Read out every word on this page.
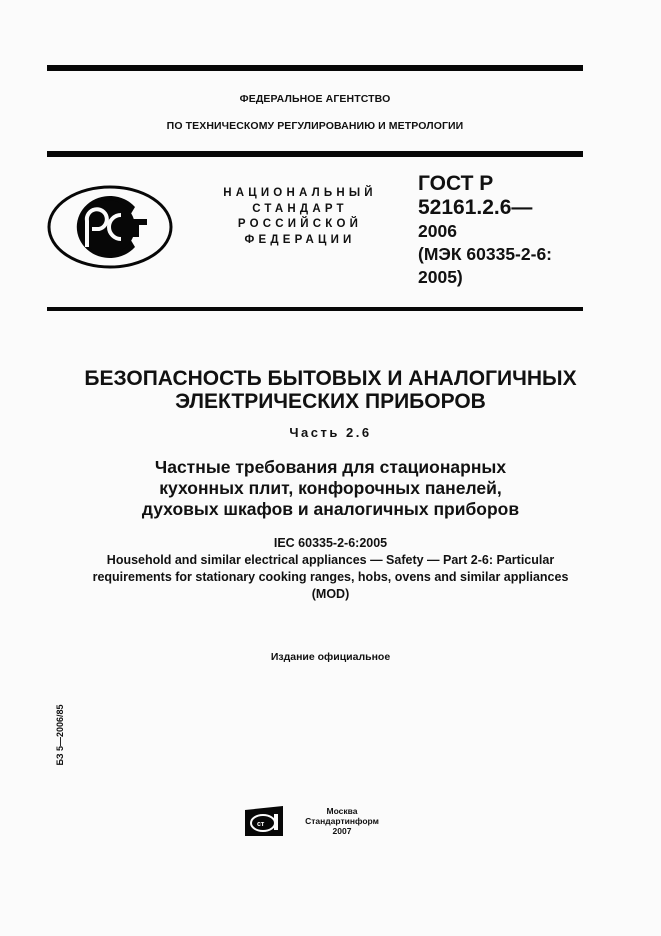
ФЕДЕРАЛЬНОЕ АГЕНТСТВО
ПО ТЕХНИЧЕСКОМУ РЕГУЛИРОВАНИЮ И МЕТРОЛОГИИ
НАЦИОНАЛЬНЫЙ
СТАНДАРТ
РОССИЙСКОЙ
ФЕДЕРАЦИИ
ГОСТ Р
52161.2.6—
2006
(МЭК 60335-2-6:
2005)
БЕЗОПАСНОСТЬ БЫТОВЫХ И АНАЛОГИЧНЫХ
ЭЛЕКТРИЧЕСКИХ ПРИБОРОВ
Часть 2.6
Частные требования для стационарных
кухонных плит, конфорочных панелей,
духовых шкафов и аналогичных приборов
IEC 60335-2-6:2005
Household and similar electrical appliances — Safety — Part 2-6: Particular
requirements for stationary cooking ranges, hobs, ovens and similar appliances
(MOD)
Издание официальное
БЗ 5—2006/85
ст
Москва
Стандартинформ
2007
